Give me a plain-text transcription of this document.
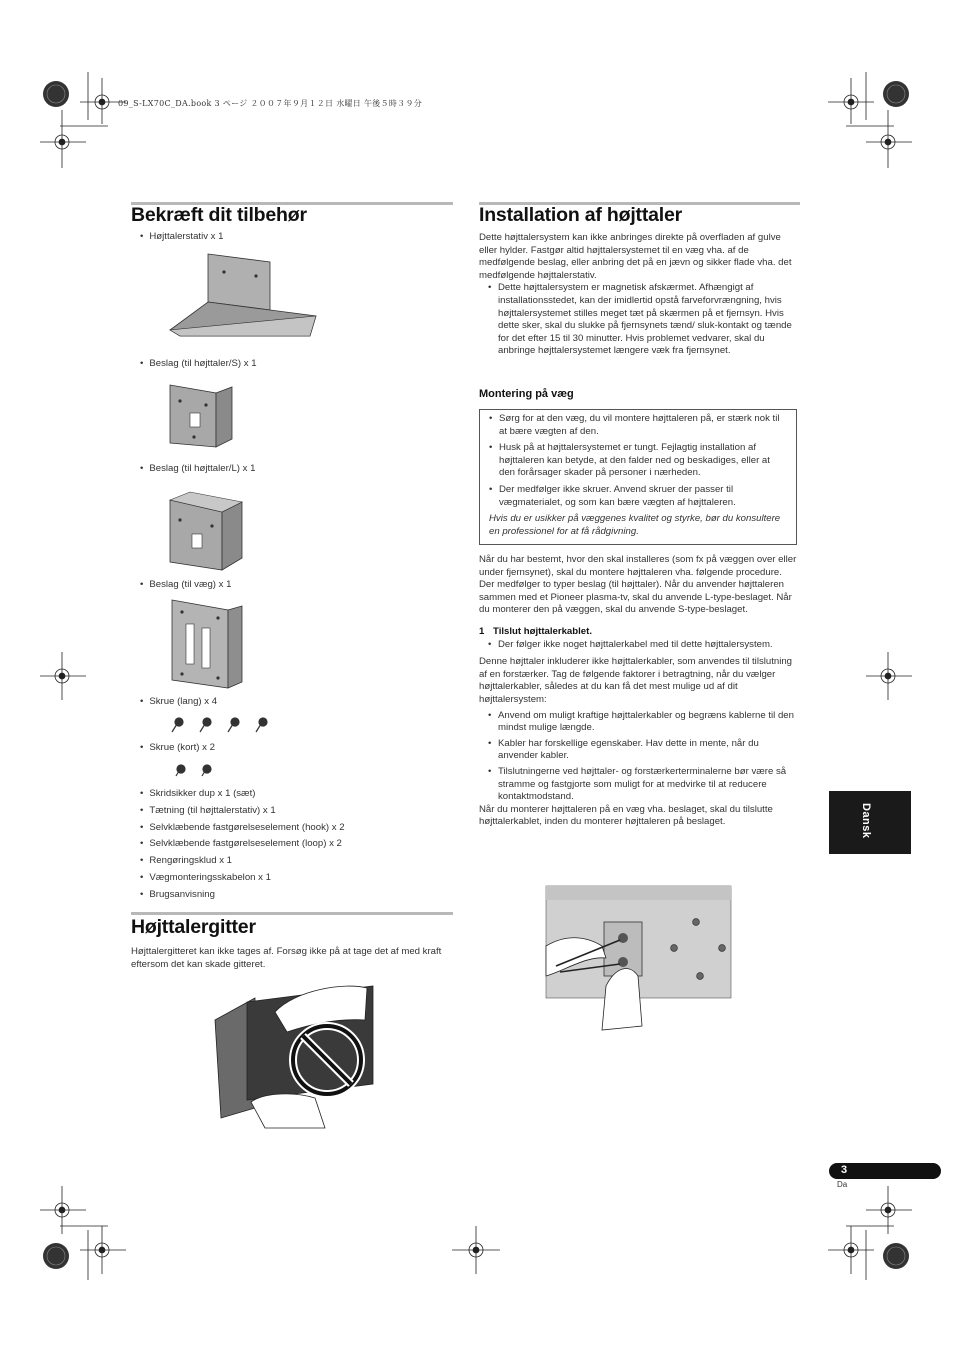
09_S-LX70C_DA.book 3 ページ ２００７年９月１２日 水曜日 午後５時３９分
Bekræft dit tilbehør
• Højttalerstativ x 1
• Beslag (til højttaler/S) x 1
• Beslag (til højttaler/L) x 1
• Beslag (til væg) x 1
• Skrue (lang) x 4
• Skrue (kort) x 2
• Skridsikker dup x 1 (sæt)
• Tætning (til højttalerstativ) x 1
• Selvklæbende fastgørelseselement (hook) x 2
• Selvklæbende fastgørelseselement (loop) x 2
• Rengøringsklud x 1
• Vægmonteringsskabelon x 1
• Brugsanvisning
Højttalergitter
Højttalergitteret kan ikke tages af. Forsøg ikke på at tage det af med kraft eftersom det kan skade gitteret.
Installation af højttaler
Dette højttalersystem kan ikke anbringes direkte på overfladen af gulve eller hylder. Fastgør altid højttalersystemet til en væg vha. af de medfølgende beslag, eller anbring det på en jævn og sikker flade vha. det medfølgende højttalerstativ.
• Dette højttalersystem er magnetisk afskærmet. Afhængigt af installationsstedet, kan der imidlertid opstå farveforvrængning, hvis højttalersystemet stilles meget tæt på skærmen på et fjernsyn. Hvis dette sker, skal du slukke på fjernsynets tænd/ sluk-kontakt og tænde for det efter 15 til 30 minutter. Hvis problemet vedvarer, skal du anbringe højttalersystemet længere væk fra fjernsynet.
Montering på væg
• Sørg for at den væg, du vil montere højttaleren på, er stærk nok til at bære vægten af den.
• Husk på at højttalersystemet er tungt. Fejlagtig installation af højttaleren kan betyde, at den falder ned og beskadiges, eller at den forårsager skader på personer i nærheden.
• Der medfølger ikke skruer. Anvend skruer der passer til vægmaterialet, og som kan bære vægten af højttaleren.
Hvis du er usikker på væggenes kvalitet og styrke, bør du konsultere en professionel for at få rådgivning.
Når du har bestemt, hvor den skal installeres (som fx på væggen over eller under fjernsynet), skal du montere højttaleren vha. følgende procedure.
Der medfølger to typer beslag (til højttaler). Når du anvender højttaleren sammen med et Pioneer plasma-tv, skal du anvende L-type-beslaget. Når du monterer den på væggen, skal du anvende S-type-beslaget.
1 Tilslut højttalerkablet.
• Der følger ikke noget højttalerkabel med til dette højttalersystem.
Denne højttaler inkluderer ikke højttalerkabler, som anvendes til tilslutning af en forstærker. Tag de følgende faktorer i betragtning, når du vælger højttalerkabler, således at du kan få det mest mulige ud af dit højttalersystem:
• Anvend om muligt kraftige højttalerkabler og begræns kablerne til den mindst mulige længde.
• Kabler har forskellige egenskaber. Hav dette in mente, når du anvender kabler.
• Tilslutningerne ved højttaler- og forstærkerterminalerne bør være så stramme og fastgjorte som muligt for at medvirke til at reducere kontaktmodstand.
Når du monterer højttaleren på en væg vha. beslaget, skal du tilslutte højttalerkablet, inden du monterer højttaleren på beslaget.	Dansk
3
Da
